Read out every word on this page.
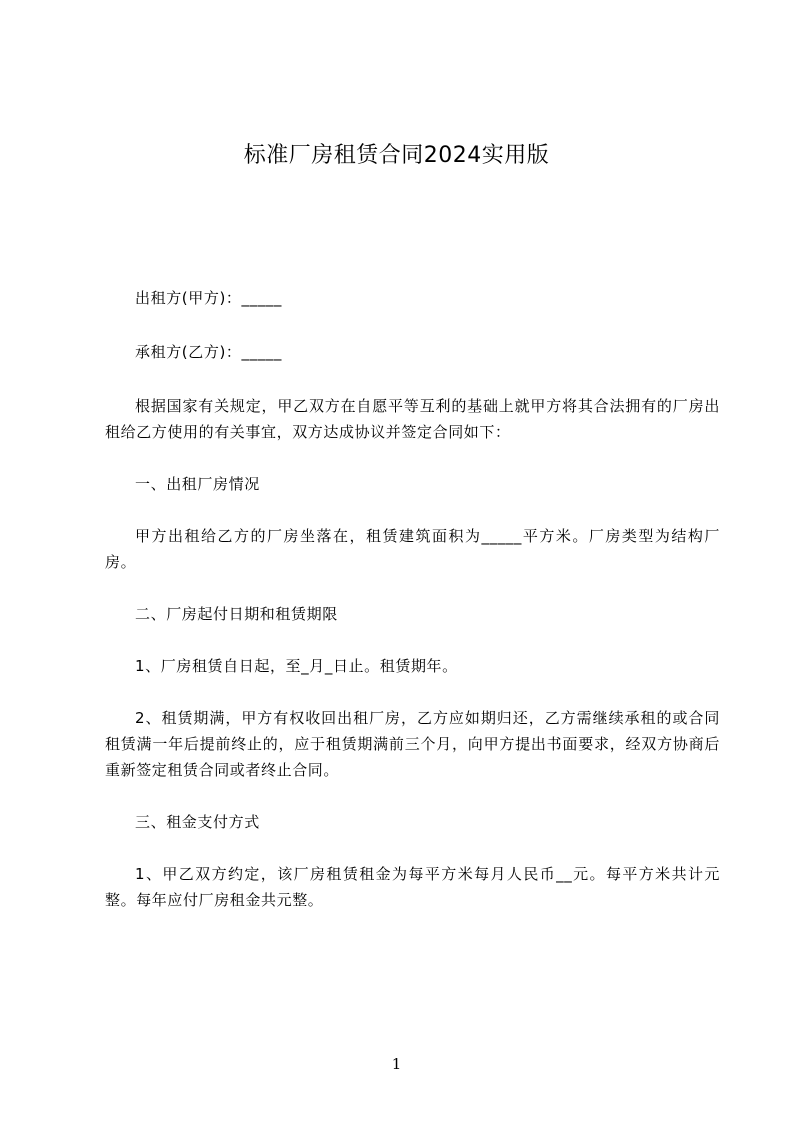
标准厂房租赁合同2024实用版

出租方(甲方)：_____

承租方(乙方)：_____

根据国家有关规定，甲乙双方在自愿平等互利的基础上就甲方将其合法拥有的厂房出租给乙方使用的有关事宜，双方达成协议并签定合同如下：

一、出租厂房情况

甲方出租给乙方的厂房坐落在，租赁建筑面积为_____平方米。厂房类型为结构厂房。

二、厂房起付日期和租赁期限

1、厂房租赁自日起，至_月_日止。租赁期年。

2、租赁期满，甲方有权收回出租厂房，乙方应如期归还，乙方需继续承租的或合同租赁满一年后提前终止的，应于租赁期满前三个月，向甲方提出书面要求，经双方协商后重新签定租赁合同或者终止合同。

三、租金支付方式

1、甲乙双方约定，该厂房租赁租金为每平方米每月人民币__元。每平方米共计元整。每年应付厂房租金共元整。

1
